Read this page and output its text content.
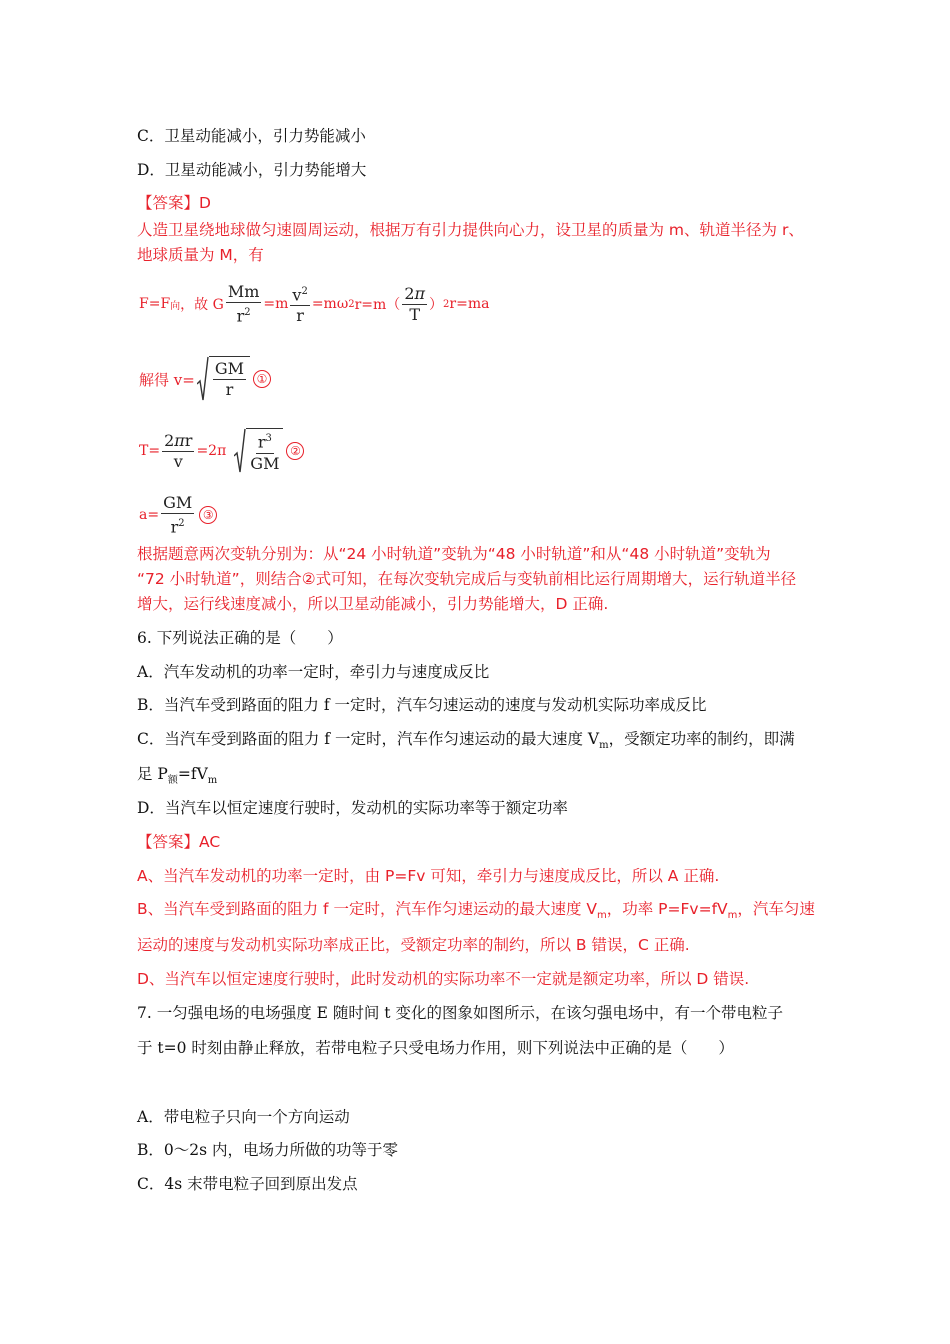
C．卫星动能减小，引力势能减小
D．卫星动能减小，引力势能增大
【答案】D
人造卫星绕地球做匀速圆周运动，根据万有引力提供向心力，设卫星的质量为 m、轨道半径为 r、
地球质量为 M，有
F=F 向 ，故 G $\frac{Mm}{r^2} =m \frac{v^2}{r} =m\omega$ 2 $r=m( \frac{2\pi}{T}$ ） 2 r=ma
解得 $v= \frac{GM}{r}$ ①
$T= \frac{2\pi r}{v} =2\pi \frac{r^3}{GM}$ ②
$a= \frac{GM}{r^2}$ ③
根据题意两次变轨分别为：从“24 小时轨道”变轨为“48 小时轨道”和从“48 小时轨道”变轨为
“72 小时轨道”，则结合②式可知，在每次变轨完成后与变轨前相比运行周期增大，运行轨道半径
增大，运行线速度减小，所以卫星动能减小，引力势能增大，D 正确.
6. 下列说法正确的是（　　）
A．汽车发动机的功率一定时，牵引力与速度成反比
B．当汽车受到路面的阻力 f 一定时，汽车匀速运动的速度与发动机实际功率成反比
C．当汽车受到路面的阻力 f 一定时，汽车作匀速运动的最大速度 $V_m$，受额定功率的制约，即满
足 $P_额=fV_m$
D．当汽车以恒定速度行驶时，发动机的实际功率等于额定功率
【答案】AC
A、当汽车发动机的功率一定时，由 P=Fv 可知，牵引力与速度成反比，所以 A 正确.
B、当汽车受到路面的阻力 f 一定时，汽车作匀速运动的最大速度 $V_m$，功率 $P=Fv=fV_m$，汽车匀速
运动的速度与发动机实际功率成正比，受额定功率的制约，所以 B 错误，C 正确.
D、当汽车以恒定速度行驶时，此时发动机的实际功率不一定就是额定功率，所以 D 错误.
7. 一匀强电场的电场强度 E 随时间 t 变化的图象如图所示，在该匀强电场中，有一个带电粒子
于 t=0 时刻由静止释放，若带电粒子只受电场力作用，则下列说法中正确的是（　　）
A．带电粒子只向一个方向运动
B．0～2s 内，电场力所做的功等于零
C．4s 末带电粒子回到原出发点
